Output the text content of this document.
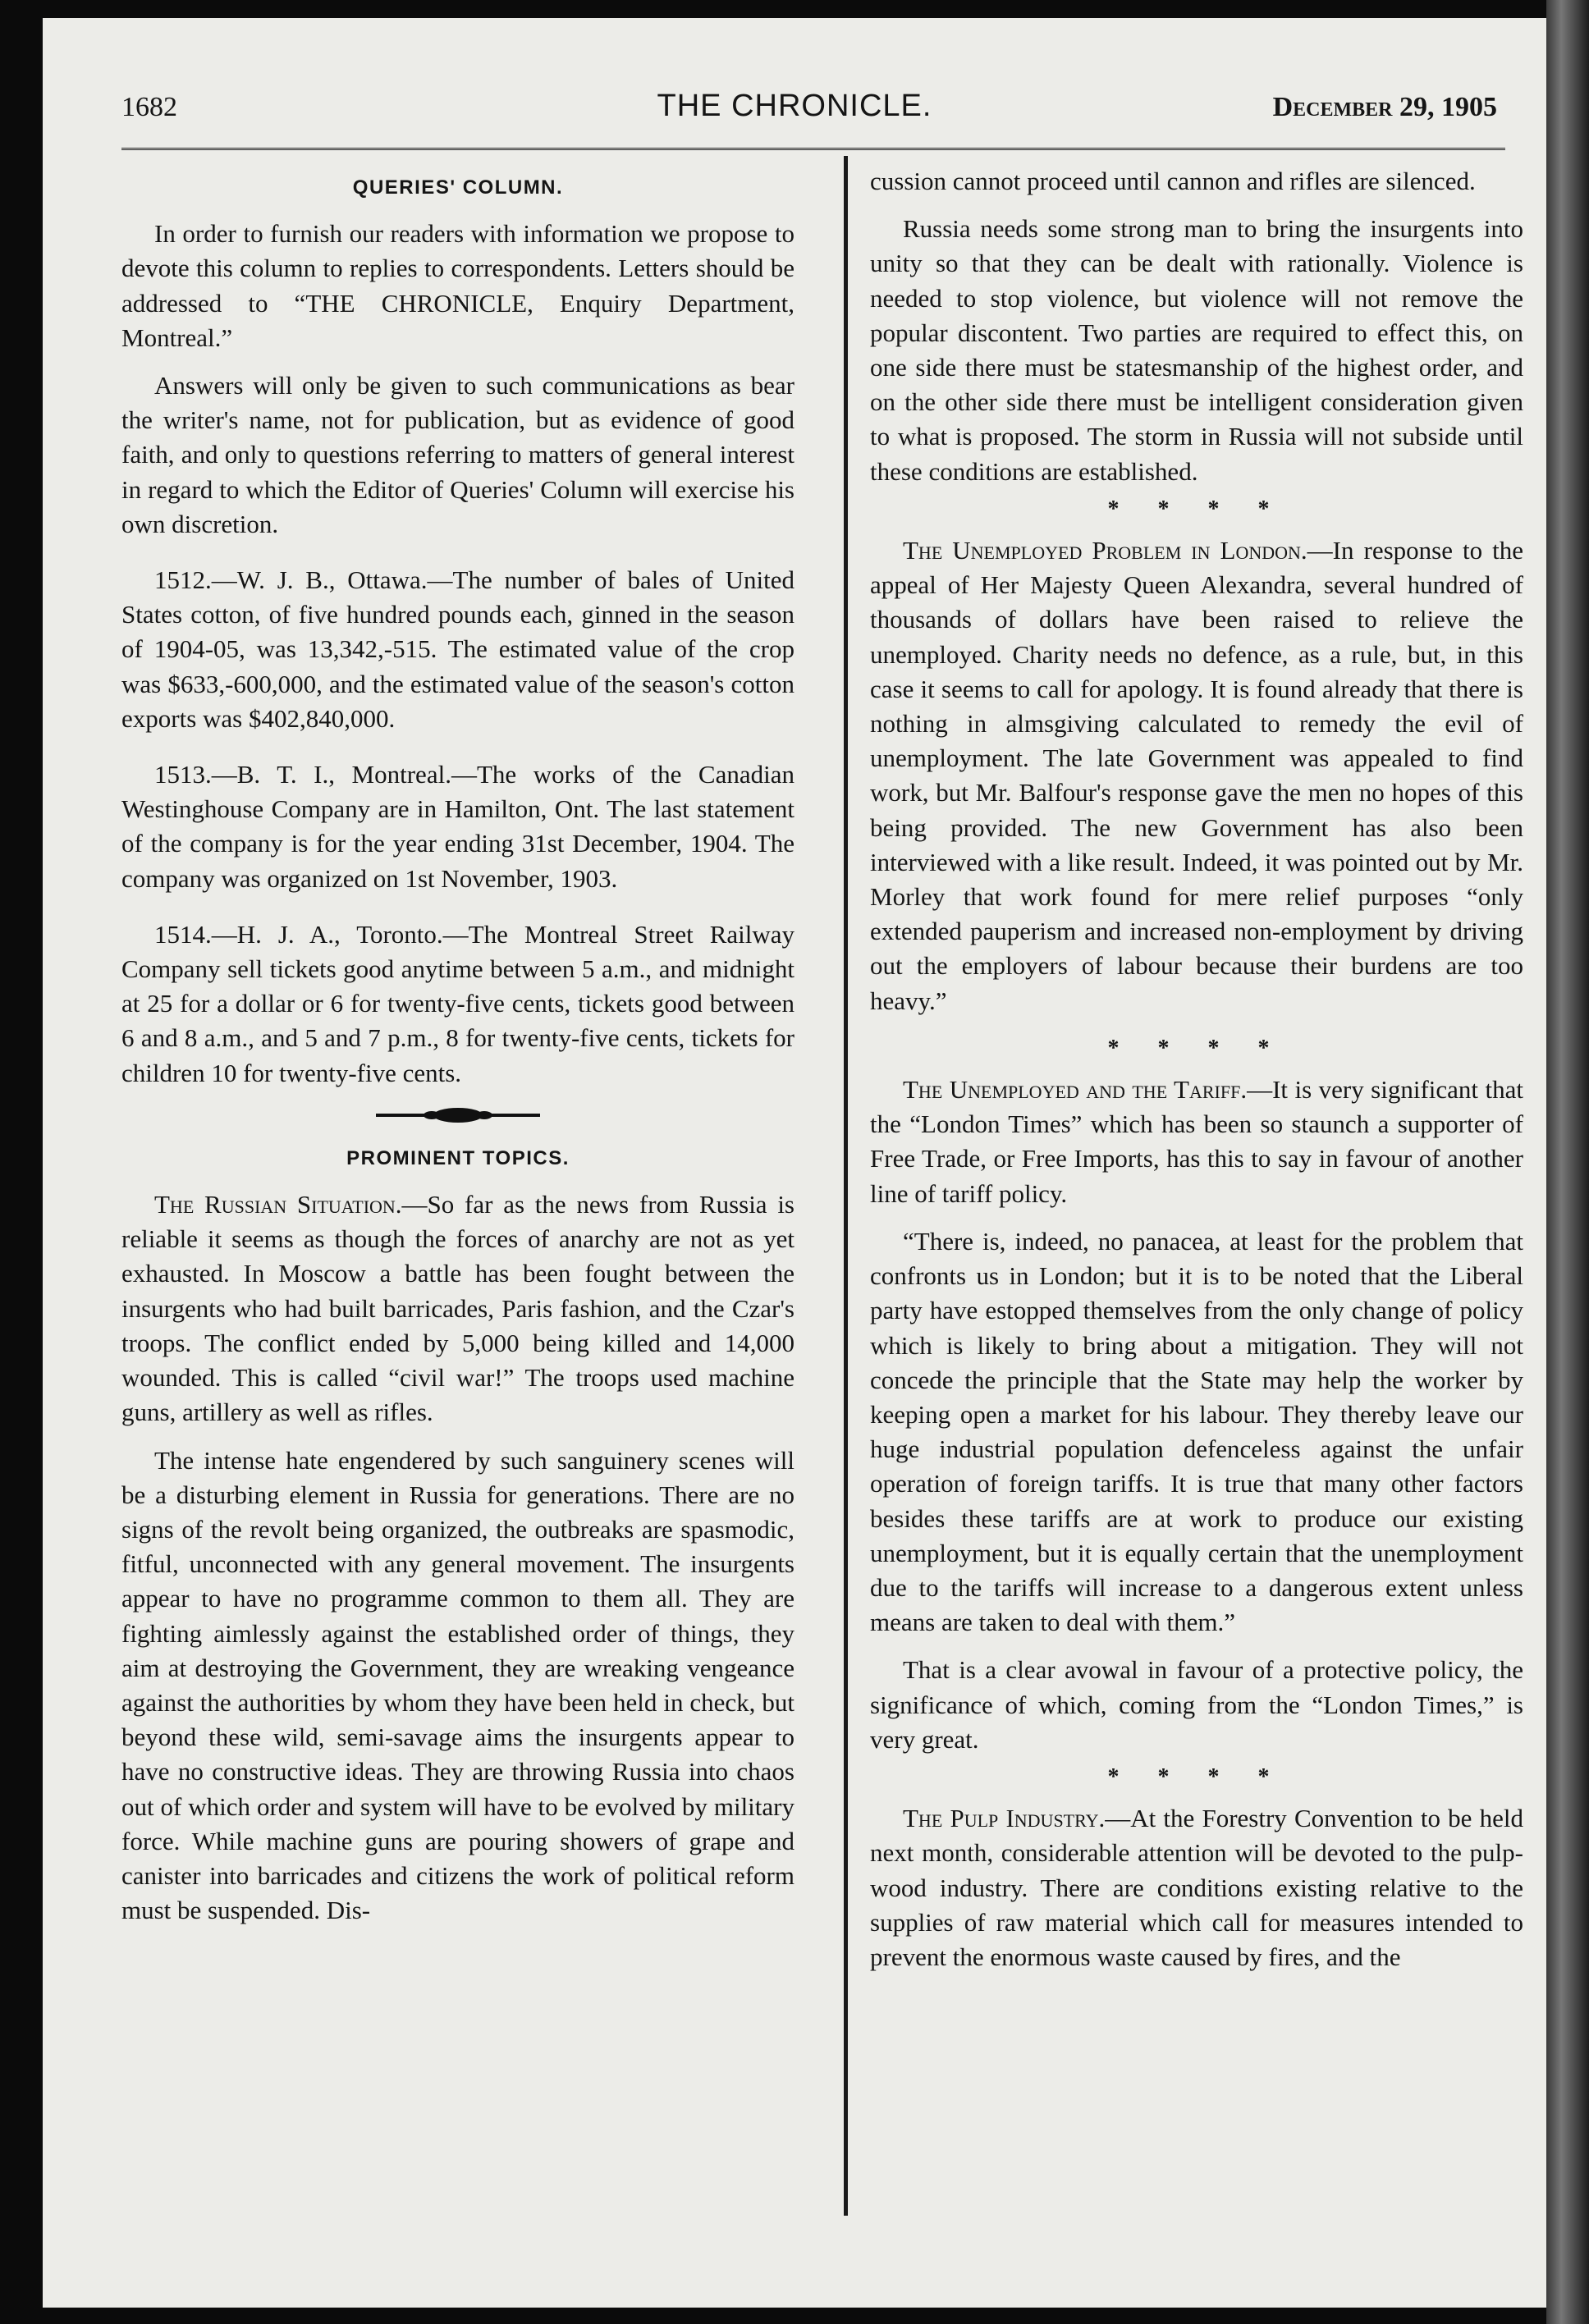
1682	THE CHRONICLE.	December 29, 1905
QUERIES' COLUMN.

In order to furnish our readers with information we propose to devote this column to replies to correspondents. Letters should be addressed to “THE CHRONICLE, Enquiry Department, Montreal.”

Answers will only be given to such communications as bear the writer's name, not for publication, but as evidence of good faith, and only to questions referring to matters of general interest in regard to which the Editor of Queries' Column will exercise his own discretion.

1512.—W. J. B., Ottawa.—The number of bales of United States cotton, of five hundred pounds each, ginned in the season of 1904-05, was 13,342,-515. The estimated value of the crop was $633,-600,000, and the estimated value of the season's cotton exports was $402,840,000.

1513.—B. T. I., Montreal.—The works of the Canadian Westinghouse Company are in Hamilton, Ont. The last statement of the company is for the year ending 31st December, 1904. The company was organized on 1st November, 1903.

1514.—H. J. A., Toronto.—The Montreal Street Railway Company sell tickets good anytime between 5 a.m., and midnight at 25 for a dollar or 6 for twenty-five cents, tickets good between 6 and 8 a.m., and 5 and 7 p.m., 8 for twenty-five cents, tickets for children 10 for twenty-five cents.

PROMINENT TOPICS.

The Russian Situation.—So far as the news from Russia is reliable it seems as though the forces of anarchy are not as yet exhausted. In Moscow a battle has been fought between the insurgents who had built barricades, Paris fashion, and the Czar's troops. The conflict ended by 5,000 being killed and 14,000 wounded. This is called “civil war!” The troops used machine guns, artillery as well as rifles.

The intense hate engendered by such sanguinery scenes will be a disturbing element in Russia for generations. There are no signs of the revolt being organized, the outbreaks are spasmodic, fitful, unconnected with any general movement. The insurgents appear to have no programme common to them all. They are fighting aimlessly against the established order of things, they aim at destroying the Government, they are wreaking vengeance against the authorities by whom they have been held in check, but beyond these wild, semi-savage aims the insurgents appear to have no constructive ideas. They are throwing Russia into chaos out of which order and system will have to be evolved by military force. While machine guns are pouring showers of grape and canister into barricades and citizens the work of political reform must be suspended. Dis-

cussion cannot proceed until cannon and rifles are silenced.

Russia needs some strong man to bring the insurgents into unity so that they can be dealt with rationally. Violence is needed to stop violence, but violence will not remove the popular discontent. Two parties are required to effect this, on one side there must be statesmanship of the highest order, and on the other side there must be intelligent consideration given to what is proposed. The storm in Russia will not subside until these conditions are established.

* * * *

The Unemployed Problem in London.—In response to the appeal of Her Majesty Queen Alexandra, several hundred of thousands of dollars have been raised to relieve the unemployed. Charity needs no defence, as a rule, but, in this case it seems to call for apology. It is found already that there is nothing in almsgiving calculated to remedy the evil of unemployment. The late Government was appealed to find work, but Mr. Balfour's response gave the men no hopes of this being provided. The new Government has also been interviewed with a like result. Indeed, it was pointed out by Mr. Morley that work found for mere relief purposes “only extended pauperism and increased non-employment by driving out the employers of labour because their burdens are too heavy.”

* * * *

The Unemployed and the Tariff.—It is very significant that the “London Times” which has been so staunch a supporter of Free Trade, or Free Imports, has this to say in favour of another line of tariff policy.

“There is, indeed, no panacea, at least for the problem that confronts us in London; but it is to be noted that the Liberal party have estopped themselves from the only change of policy which is likely to bring about a mitigation. They will not concede the principle that the State may help the worker by keeping open a market for his labour. They thereby leave our huge industrial population defenceless against the unfair operation of foreign tariffs. It is true that many other factors besides these tariffs are at work to produce our existing unemployment, but it is equally certain that the unemployment due to the tariffs will increase to a dangerous extent unless means are taken to deal with them.”

That is a clear avowal in favour of a protective policy, the significance of which, coming from the “London Times,” is very great.

* * * *

The Pulp Industry.—At the Forestry Convention to be held next month, considerable attention will be devoted to the pulp-wood industry. There are conditions existing relative to the supplies of raw material which call for measures intended to prevent the enormous waste caused by fires, and the
